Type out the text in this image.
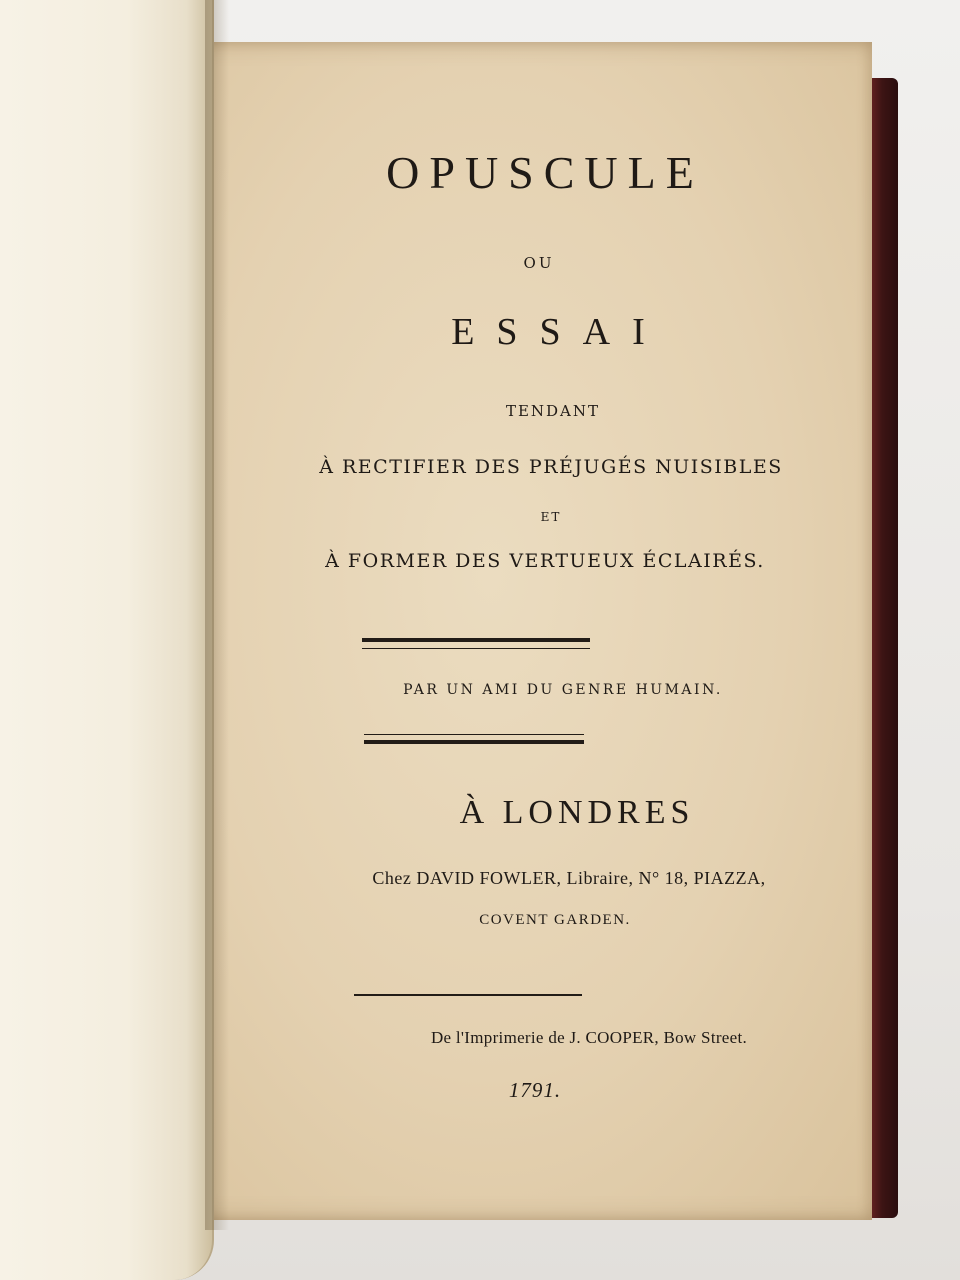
OPUSCULE
OU
ESSAI
TENDANT
À RECTIFIER DES PRÉJUGÉS NUISIBLES
ET
À FORMER DES VERTUEUX ÉCLAIRÉS.
PAR UN AMI DU GENRE HUMAIN.
À LONDRES
Chez DAVID FOWLER, Libraire, N° 18, PIAZZA,
COVENT GARDEN.
De l'Imprimerie de J. COOPER, Bow Street.
1791.
